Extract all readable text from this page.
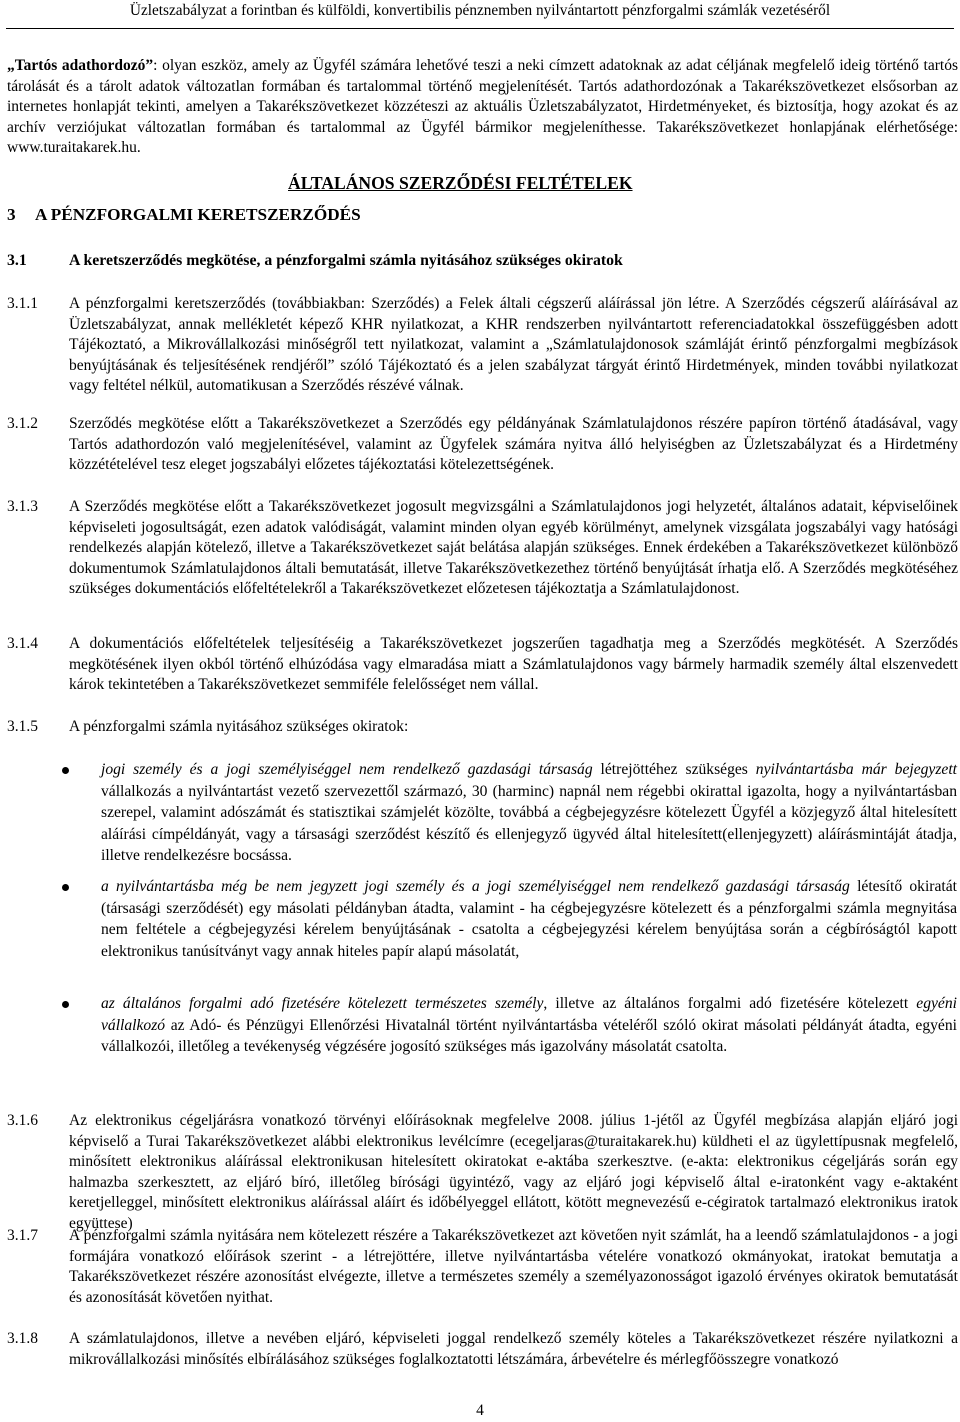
Üzletszabályzat a forintban és külföldi, konvertibilis pénznemben nyilvántartott pénzforgalmi számlák vezetéséről
„Tartós adathordozó”: olyan eszköz, amely az Ügyfél számára lehetővé teszi a neki címzett adatoknak az adat céljának megfelelő ideig történő tartós tárolását és a tárolt adatok változatlan formában és tartalommal történő megjelenítését. Tartós adathordozónak a Takarékszövetkezet elsősorban az internetes honlapját tekinti, amelyen a Takarékszövetkezet közzéteszi az aktuális Üzletszabályzatot, Hirdetményeket, és biztosítja, hogy azokat és az archív verziójukat változatlan formában és tartalommal az Ügyfél bármikor megjeleníthesse. Takarékszövetkezet honlapjának elérhetősége: www.turaitakarek.hu.
ÁLTALÁNOS SZERZŐDÉSI FELTÉTELEK
3 A PÉNZFORGALMI KERETSZERZŐDÉS
3.1	A keretszerződés megkötése, a pénzforgalmi számla nyitásához szükséges okiratok
3.1.1 A pénzforgalmi keretszerződés (továbbiakban: Szerződés) a Felek általi cégszerű aláírással jön létre. A Szerződés cégszerű aláírásával az Üzletszabályzat, annak mellékletét képező KHR nyilatkozat, a KHR rendszerben nyilvántartott referenciadatokkal összefüggésben adott Tájékoztató, a Mikrovállalkozási minőségről tett nyilatkozat, valamint a „Számlatulajdonosok számláját érintő pénzforgalmi megbízások benyújtásának és teljesítésének rendjéről” szóló Tájékoztató és a jelen szabályzat tárgyát érintő Hirdetmények, minden további nyilatkozat vagy feltétel nélkül, automatikusan a Szerződés részévé válnak.
3.1.2 Szerződés megkötése előtt a Takarékszövetkezet a Szerződés egy példányának Számlatulajdonos részére papíron történő átadásával, vagy Tartós adathordozón való megjelenítésével, valamint az Ügyfelek számára nyitva álló helyiségben az Üzletszabályzat és a Hirdetmény közzétételével tesz eleget jogszabályi előzetes tájékoztatási kötelezettségének.
3.1.3 A Szerződés megkötése előtt a Takarékszövetkezet jogosult megvizsgálni a Számlatulajdonos jogi helyzetét, általános adatait, képviselőinek képviseleti jogosultságát, ezen adatok valódiságát, valamint minden olyan egyéb körülményt, amelynek vizsgálata jogszabályi vagy hatósági rendelkezés alapján kötelező, illetve a Takarékszövetkezet saját belátása alapján szükséges. Ennek érdekében a Takarékszövetkezet különböző dokumentumok Számlatulajdonos általi bemutatását, illetve Takarékszövetkezethez történő benyújtását írhatja elő. A Szerződés megkötéséhez szükséges dokumentációs előfeltételekről a Takarékszövetkezet előzetesen tájékoztatja a Számlatulajdonost.
3.1.4 A dokumentációs előfeltételek teljesítéséig a Takarékszövetkezet jogszerűen tagadhatja meg a Szerződés megkötését. A Szerződés megkötésének ilyen okból történő elhúzódása vagy elmaradása miatt a Számlatulajdonos vagy bármely harmadik személy által elszenvedett károk tekintetében a Takarékszövetkezet semmiféle felelősséget nem vállal.
3.1.5 A pénzforgalmi számla nyitásához szükséges okiratok:
jogi személy és a jogi személyiséggel nem rendelkező gazdasági társaság létrejöttéhez szükséges nyilvántartásba már bejegyzett vállalkozás a nyilvántartást vezető szervezettől származó, 30 (harminc) napnál nem régebbi okirattal igazolta, hogy a nyilvántartásban szerepel, valamint adószámát és statisztikai számjelét közölte, továbbá a cégbejegyzésre kötelezett Ügyfél a közjegyző által hitelesített aláírási címpéldányát, vagy a társasági szerződést készítő és ellenjegyző ügyvéd által hitelesített(ellenjegyzett) aláírásmintáját átadja, illetve rendelkezésre bocsássa.
a nyilvántartásba még be nem jegyzett jogi személy és a jogi személyiséggel nem rendelkező gazdasági társaság létesítő okiratát (társasági szerződését) egy másolati példányban átadta, valamint - ha cégbejegyzésre kötelezett és a pénzforgalmi számla megnyitása nem feltétele a cégbejegyzési kérelem benyújtásának - csatolta a cégbejegyzési kérelem benyújtása során a cégbíróságtól kapott elektronikus tanúsítványt vagy annak hiteles papír alapú másolatát,
az általános forgalmi adó fizetésére kötelezett természetes személy, illetve az általános forgalmi adó fizetésére kötelezett egyéni vállalkozó az Adó- és Pénzügyi Ellenőrzési Hivatalnál történt nyilvántartásba vételéről szóló okirat másolati példányát átadta, egyéni vállalkozói, illetőleg a tevékenység végzésére jogosító szükséges más igazolvány másolatát csatolta.
3.1.6 Az elektronikus cégeljárásra vonatkozó törvényi előírásoknak megfelelve 2008. július 1-jétől az Ügyfél megbízása alapján eljáró jogi képviselő a Turai Takarékszövetkezet alábbi elektronikus levélcímre (ecegeljaras@turaitakarek.hu) küldheti el az ügylettípusnak megfelelő, minősített elektronikus aláírással elektronikusan hitelesített okiratokat e-aktába szerkesztve. (e-akta: elektronikus cégeljárás során egy halmazba szerkesztett, az eljáró bíró, illetőleg bírósági ügyintéző, vagy az eljáró jogi képviselő által e-iratonként vagy e-aktaként keretjelleggel, minősített elektronikus aláírással aláírt és időbélyeggel ellátott, kötött megnevezésű e-cégiratok tartalmazó elektronikus iratok együttese)
3.1.7 A pénzforgalmi számla nyitására nem kötelezett részére a Takarékszövetkezet azt követően nyit számlát, ha a leendő számlatulajdonos - a jogi formájára vonatkozó előírások szerint - a létrejöttére, illetve nyilvántartásba vételére vonatkozó okmányokat, iratokat bemutatja a Takarékszövetkezet részére azonosítást elvégezte, illetve a természetes személy a személyazonosságot igazoló érvényes okiratok bemutatását és azonosítását követően nyithat.
3.1.8 A számlatulajdonos, illetve a nevében eljáró, képviseleti joggal rendelkező személy köteles a Takarékszövetkezet részére nyilatkozni a mikrovállalkozási minősítés elbírálásához szükséges foglalkoztatotti létszámára, árbevételre és mérlegfőösszegre vonatkozó
4
